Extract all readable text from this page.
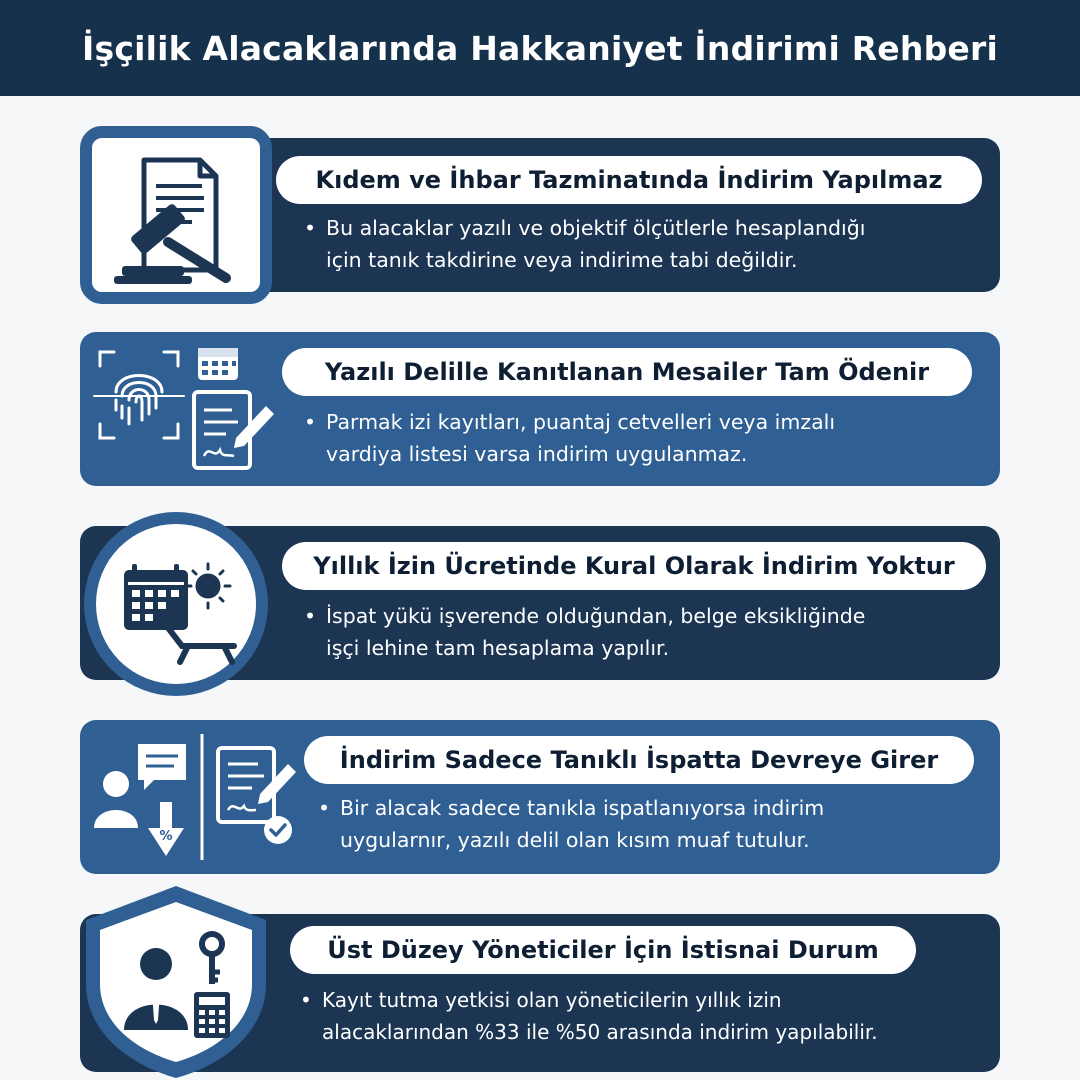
İşçilik Alacaklarında Hakkaniyet İndirimi Rehberi
Kıdem ve İhbar Tazminatında İndirim Yapılmaz
• Bu alacaklar yazılı ve objektif ölçütlerle hesaplandığı
için tanık takdirine veya indirime tabi değildir.
Yazılı Delille Kanıtlanan Mesailer Tam Ödenir
• Parmak izi kayıtları, puantaj cetvelleri veya imzalı
vardiya listesi varsa indirim uygulanmaz.
Yıllık İzin Ücretinde Kural Olarak İndirim Yoktur
• İspat yükü işverende olduğundan, belge eksikliğinde
işçi lehine tam hesaplama yapılır.
%
İndirim Sadece Tanıklı İspatta Devreye Girer
• Bir alacak sadece tanıkla ispatlanıyorsa indirim
uygularnır, yazılı delil olan kısım muaf tutulur.
Üst Düzey Yöneticiler İçin İstisnai Durum
• Kayıt tutma yetkisi olan yöneticilerin yıllık izin
alacaklarından %33 ile %50 arasında indirim yapılabilir.
